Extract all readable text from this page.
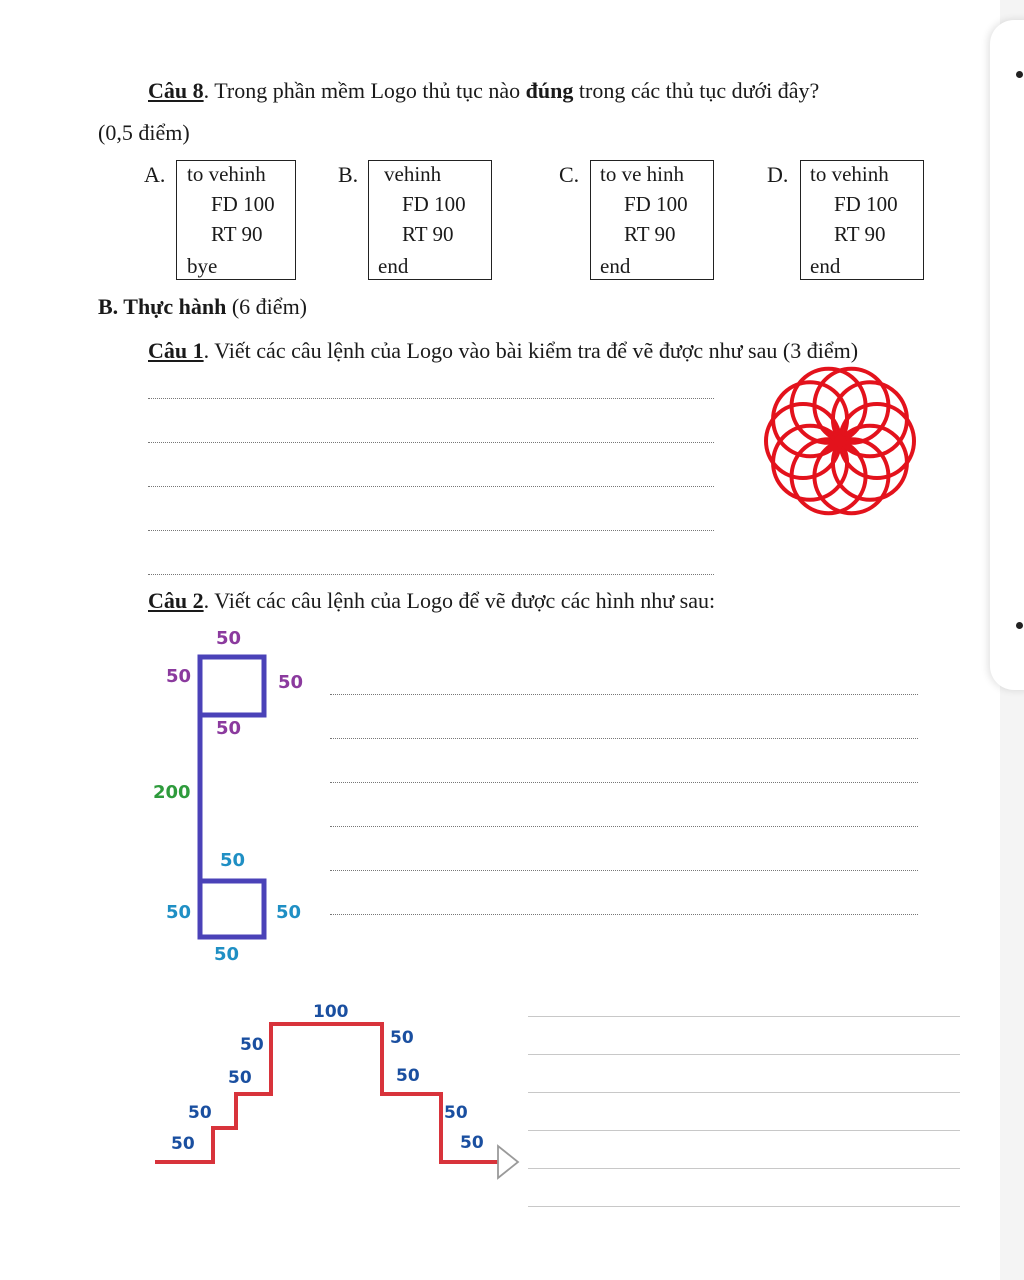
Câu 8. Trong phần mềm Logo thủ tục nào đúng trong các thủ tục dưới đây?
(0,5 điểm)
A. to vehinh
FD 100
RT 90
bye
B. vehinh
FD 100
RT 90
end
C. to ve hinh
FD 100
RT 90
end
D. to vehinh
FD 100
RT 90
end
B. Thực hành (6 điểm)
Câu 1. Viết các câu lệnh của Logo vào bài kiểm tra để vẽ được như sau (3 điểm)
Câu 2. Viết các câu lệnh của Logo để vẽ được các hình như sau:
50
50	50
50
200
50
50	50
50
100
50
50
50
50
50
50
50
50
